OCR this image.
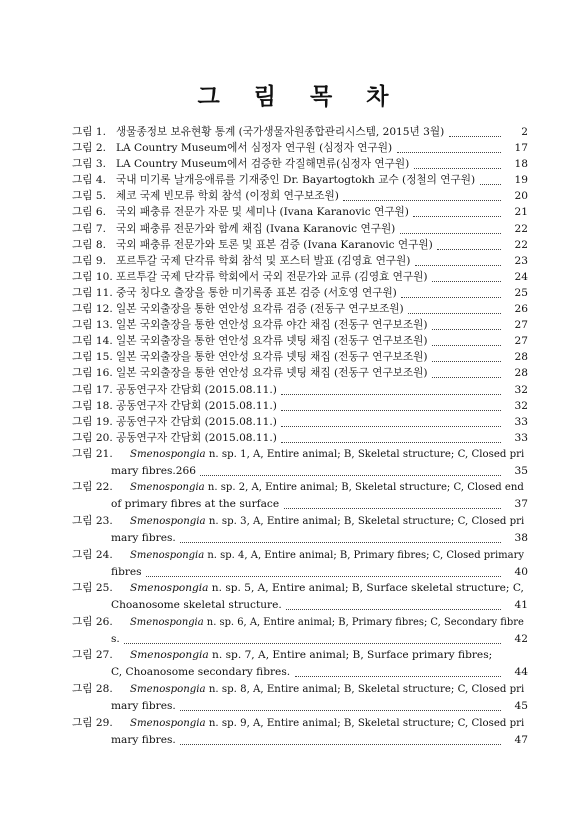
그 림 목 차
그림 1. 생물종정보 보유현황 통계 (국가생물자원종합관리시스템, 2015년 3월)	2
그림 2. LA Country Museum에서 심정자 연구원 (심정자 연구원)	17
그림 3. LA Country Museum에서 검증한 각질해면류(심정자 연구원)	18
그림 4. 국내 미기록 날개응애류를 기재중인 Dr. Bayartogtokh 교수 (정철의 연구원)	19
그림 5. 체코 국제 빈모류 학회 참석 (이정희 연구보조원)	20
그림 6. 국외 패충류 전문가 자문 및 세미나 (Ivana Karanovic 연구원)	21
그림 7. 국외 패충류 전문가와 함께 채집 (Ivana Karanovic 연구원)	22
그림 8. 국외 패충류 전문가와 토론 및 표본 검증 (Ivana Karanovic 연구원)	22
그림 9. 포르투갈 국제 단각류 학회 참석 및 포스터 발표 (김영효 연구원)	23
그림 10. 포르투갈 국제 단각류 학회에서 국외 전문가와 교류 (김영효 연구원)	24
그림 11. 중국 칭다오 출장을 통한 미기록종 표본 검증 (서호영 연구원)	25
그림 12. 일본 국외출장을 통한 연안성 요각류 검증 (전동구 연구보조원)	26
그림 13. 일본 국외출장을 통한 연안성 요각류 야간 채집 (전동구 연구보조원)	27
그림 14. 일본 국외출장을 통한 연안성 요각류 넷팅 채집 (전동구 연구보조원)	27
그림 15. 일본 국외출장을 통한 연안성 요각류 넷팅 채집 (전동구 연구보조원)	28
그림 16. 일본 국외출장을 통한 연안성 요각류 넷팅 채집 (전동구 연구보조원)	28
그림 17. 공동연구자 간담회 (2015.08.11.)	32
그림 18. 공동연구자 간담회 (2015.08.11.)	32
그림 19. 공동연구자 간담회 (2015.08.11.)	33
그림 20. 공동연구자 간담회 (2015.08.11.)	33
그림 21. Smenospongia n. sp. 1, A, Entire animal; B, Skeletal structure; C, Closed pri
mary fibres.266	35
그림 22. Smenospongia n. sp. 2, A, Entire animal; B, Skeletal structure; C, Closed end
of primary fibres at the surface	37
그림 23. Smenospongia n. sp. 3, A, Entire animal; B, Skeletal structure; C, Closed pri
mary fibres.	38
그림 24. Smenospongia n. sp. 4, A, Entire animal; B, Primary fibres; C, Closed primary
fibres	40
그림 25. Smenospongia n. sp. 5, A, Entire animal; B, Surface skeletal structure; C,
Choanosome skeletal structure.	41
그림 26. Smenospongia n. sp. 6, A, Entire animal; B, Primary fibres; C, Secondary fibre
s.	42
그림 27. Smenospongia n. sp. 7, A, Entire animal; B, Surface primary fibres;
C, Choanosome secondary fibres.	44
그림 28. Smenospongia n. sp. 8, A, Entire animal; B, Skeletal structure; C, Closed pri
mary fibres.	45
그림 29. Smenospongia n. sp. 9, A, Entire animal; B, Skeletal structure; C, Closed pri
mary fibres.	47
